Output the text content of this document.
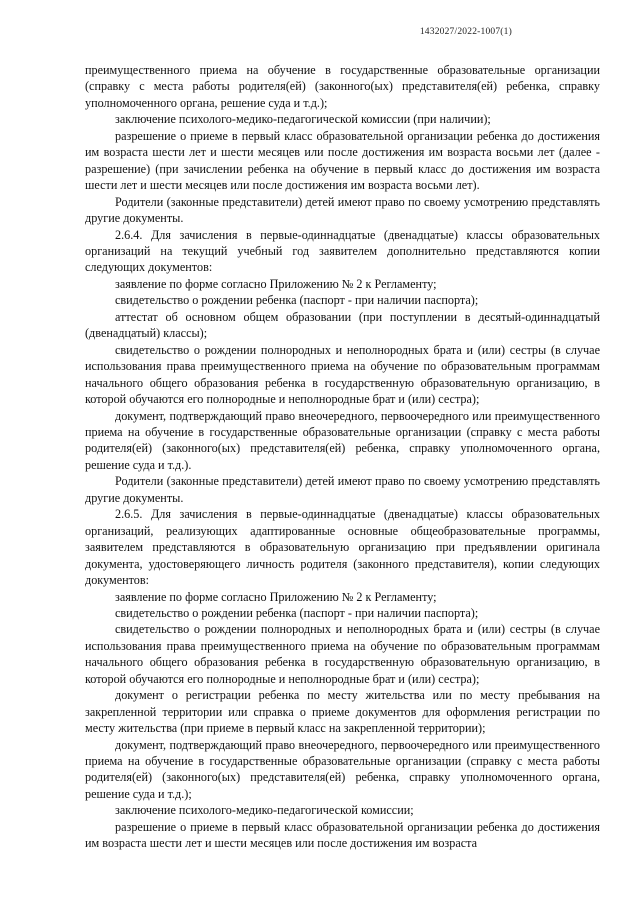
1432027/2022-1007(1)

преимущественного приема на обучение в государственные образовательные организации (справку с места работы родителя(ей) (законного(ых) представителя(ей) ребенка, справку уполномоченного органа, решение суда и т.д.);

заключение психолого-медико-педагогической комиссии (при наличии);

разрешение о приеме в первый класс образовательной организации ребенка до достижения им возраста шести лет и шести месяцев или после достижения им возраста восьми лет (далее - разрешение) (при зачислении ребенка на обучение в первый класс до достижения им возраста шести лет и шести месяцев или после достижения им возраста восьми лет).

Родители (законные представители) детей имеют право по своему усмотрению представлять другие документы.

2.6.4. Для зачисления в первые-одиннадцатые (двенадцатые) классы образовательных организаций на текущий учебный год заявителем дополнительно представляются копии следующих документов:

заявление по форме согласно Приложению № 2 к Регламенту;

свидетельство о рождении ребенка (паспорт - при наличии паспорта);

аттестат об основном общем образовании (при поступлении в десятый-одиннадцатый (двенадцатый) классы);

свидетельство о рождении полнородных и неполнородных брата и (или) сестры (в случае использования права преимущественного приема на обучение по образовательным программам начального общего образования ребенка в государственную образовательную организацию, в которой обучаются его полнородные и неполнородные брат и (или) сестра);

документ, подтверждающий право внеочередного, первоочередного или преимущественного приема на обучение в государственные образовательные организации (справку с места работы родителя(ей) (законного(ых) представителя(ей) ребенка, справку уполномоченного органа, решение суда и т.д.).

Родители (законные представители) детей имеют право по своему усмотрению представлять другие документы.

2.6.5. Для зачисления в первые-одиннадцатые (двенадцатые) классы образовательных организаций, реализующих адаптированные основные общеобразовательные программы, заявителем представляются в образовательную организацию при предъявлении оригинала документа, удостоверяющего личность родителя (законного представителя), копии следующих документов:

заявление по форме согласно Приложению № 2 к Регламенту;

свидетельство о рождении ребенка (паспорт - при наличии паспорта);

свидетельство о рождении полнородных и неполнородных брата и (или) сестры (в случае использования права преимущественного приема на обучение по образовательным программам начального общего образования ребенка в государственную образовательную организацию, в которой обучаются его полнородные и неполнородные брат и (или) сестра);

документ о регистрации ребенка по месту жительства или по месту пребывания на закрепленной территории или справка о приеме документов для оформления регистрации по месту жительства (при приеме в первый класс на закрепленной территории);

документ, подтверждающий право внеочередного, первоочередного или преимущественного приема на обучение в государственные образовательные организации (справку с места работы родителя(ей) (законного(ых) представителя(ей) ребенка, справку уполномоченного органа, решение суда и т.д.);

заключение психолого-медико-педагогической комиссии;

разрешение о приеме в первый класс образовательной организации ребенка до достижения им возраста шести лет и шести месяцев или после достижения им возраста
